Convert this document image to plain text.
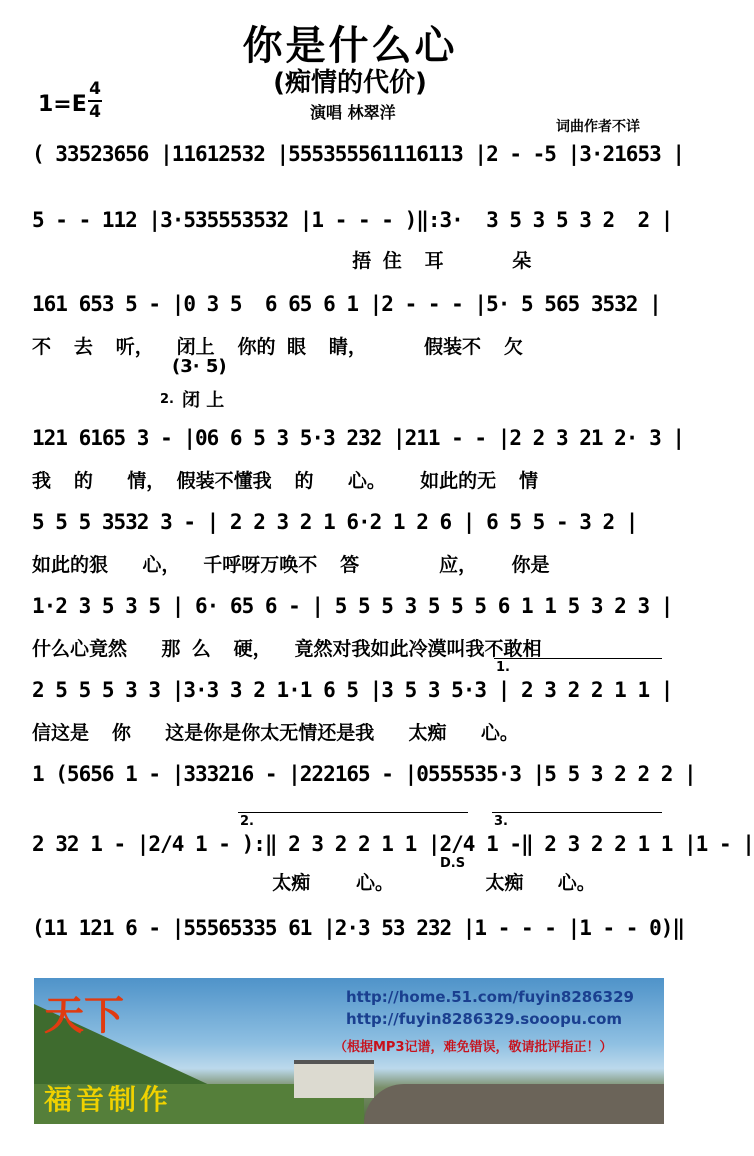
你是什么心
(痴情的代价)
1=E
4
4	演唱 林翠洋
词曲作者不详
( 33523656 |11612532 |555355561116113 |2 - -5 |3·21653 |
5 - - 112 |3·535553532 |1 - - - )‖:3·  3 5 3 5 3 2  2 |
捂 住  耳      朵
161 653 5 - |0 3 5  6 65 6 1 |2 - - - |5· 5 565 3532 |
不  去  听，  闭上  你的 眼  睛，     假装不  欠
(3· 5)
2. 闭 上
121 6165 3 - |06 6 5 3 5·3 232 |211 - - |2 2 3 21 2· 3 |
我  的   情， 假装不懂我  的   心。   如此的无  情
5 5 5 3532 3 - | 2 2 3 2 1 6·2 1 2 6 | 6 5 5 - 3 2 |
如此的狠   心，  千呼呀万唤不  答       应，   你是
1·2 3 5 3 5 | 6· 65 6 - | 5 5 5 3 5 5 5 6 1 1 5 3 2 3 |
什么心竟然   那 么  硬，  竟然对我如此冷漠叫我不敢相
1.
2 5 5 5 3 3 |3·3 3 2 1·1 6 5 |3 5 3 5·3 | 2 3 2 2 1 1 |
信这是  你   这是你是你太无情还是我   太痴   心。
1 (5656 1 - |333216 - |222165 - |0555535·3 |5 5 3 2 2 2 |
2.	3.
2 32 1 - |2/4 1 - ):‖ 2 3 2 2 1 1 |2/4 1 -‖ 2 3 2 2 1 1 |1 - |
D.S
太痴    心。        太痴   心。
(11 121 6 - |55565335 61 |2·3 53 232 |1 - - - |1 - - 0)‖
天下
福音制作
http://home.51.com/fuyin8286329
http://fuyin8286329.sooopu.com
（根据MP3记谱，难免错误，敬请批评指正！）
